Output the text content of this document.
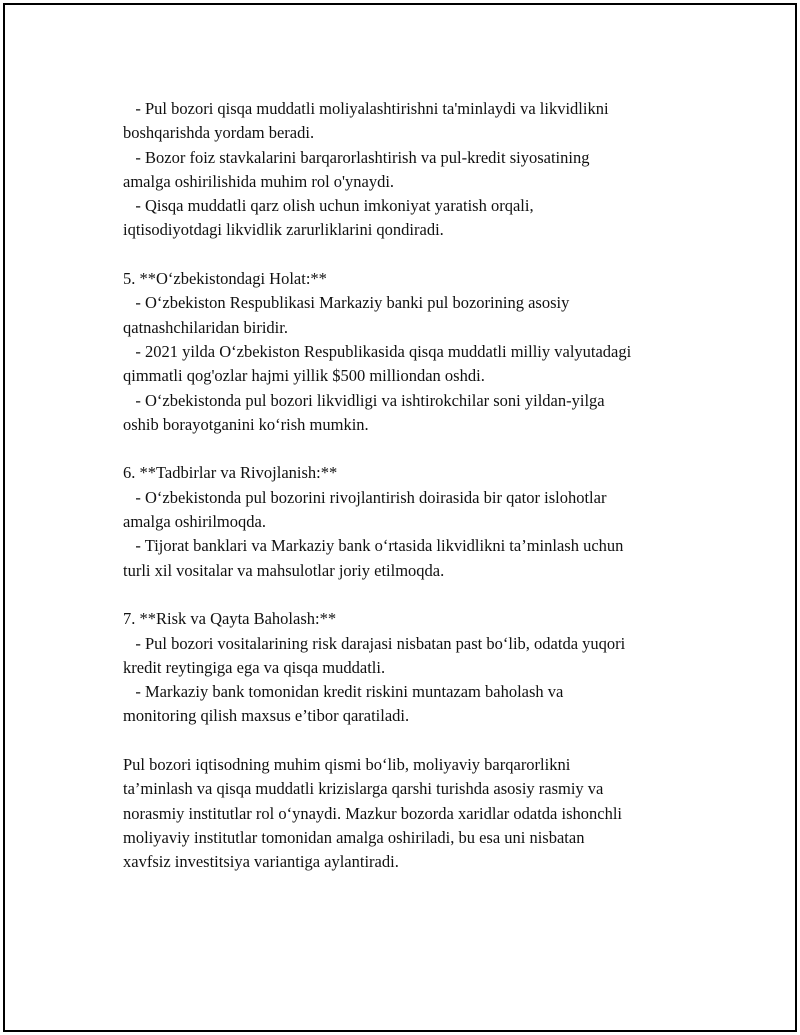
- Pul bozori qisqa muddatli moliyalashtirishni ta'minlaydi va likvidlikni
boshqarishda yordam beradi.
- Bozor foiz stavkalarini barqarorlashtirish va pul-kredit siyosatining
amalga oshirilishida muhim rol o'ynaydi.
- Qisqa muddatli qarz olish uchun imkoniyat yaratish orqali,
iqtisodiyotdagi likvidlik zarurliklarini qondiradi.
5. **O‘zbekistondagi Holat:**
- O‘zbekiston Respublikasi Markaziy banki pul bozorining asosiy
qatnashchilaridan biridir.
- 2021 yilda O‘zbekiston Respublikasida qisqa muddatli milliy valyutadagi
qimmatli qog'ozlar hajmi yillik $500 milliondan oshdi.
- O‘zbekistonda pul bozori likvidligi va ishtirokchilar soni yildan-yilga
oshib borayotganini ko‘rish mumkin.
6. **Tadbirlar va Rivojlanish:**
- O‘zbekistonda pul bozorini rivojlantirish doirasida bir qator islohotlar
amalga oshirilmoqda.
- Tijorat banklari va Markaziy bank o‘rtasida likvidlikni ta’minlash uchun
turli xil vositalar va mahsulotlar joriy etilmoqda.
7. **Risk va Qayta Baholash:**
- Pul bozori vositalarining risk darajasi nisbatan past bo‘lib, odatda yuqori
kredit reytingiga ega va qisqa muddatli.
- Markaziy bank tomonidan kredit riskini muntazam baholash va
monitoring qilish maxsus e’tibor qaratiladi.
Pul bozori iqtisodning muhim qismi bo‘lib, moliyaviy barqarorlikni
ta’minlash va qisqa muddatli krizislarga qarshi turishda asosiy rasmiy va
norasmiy institutlar rol o‘ynaydi. Mazkur bozorda xaridlar odatda ishonchli
moliyaviy institutlar tomonidan amalga oshiriladi, bu esa uni nisbatan
xavfsiz investitsiya variantiga aylantiradi.
